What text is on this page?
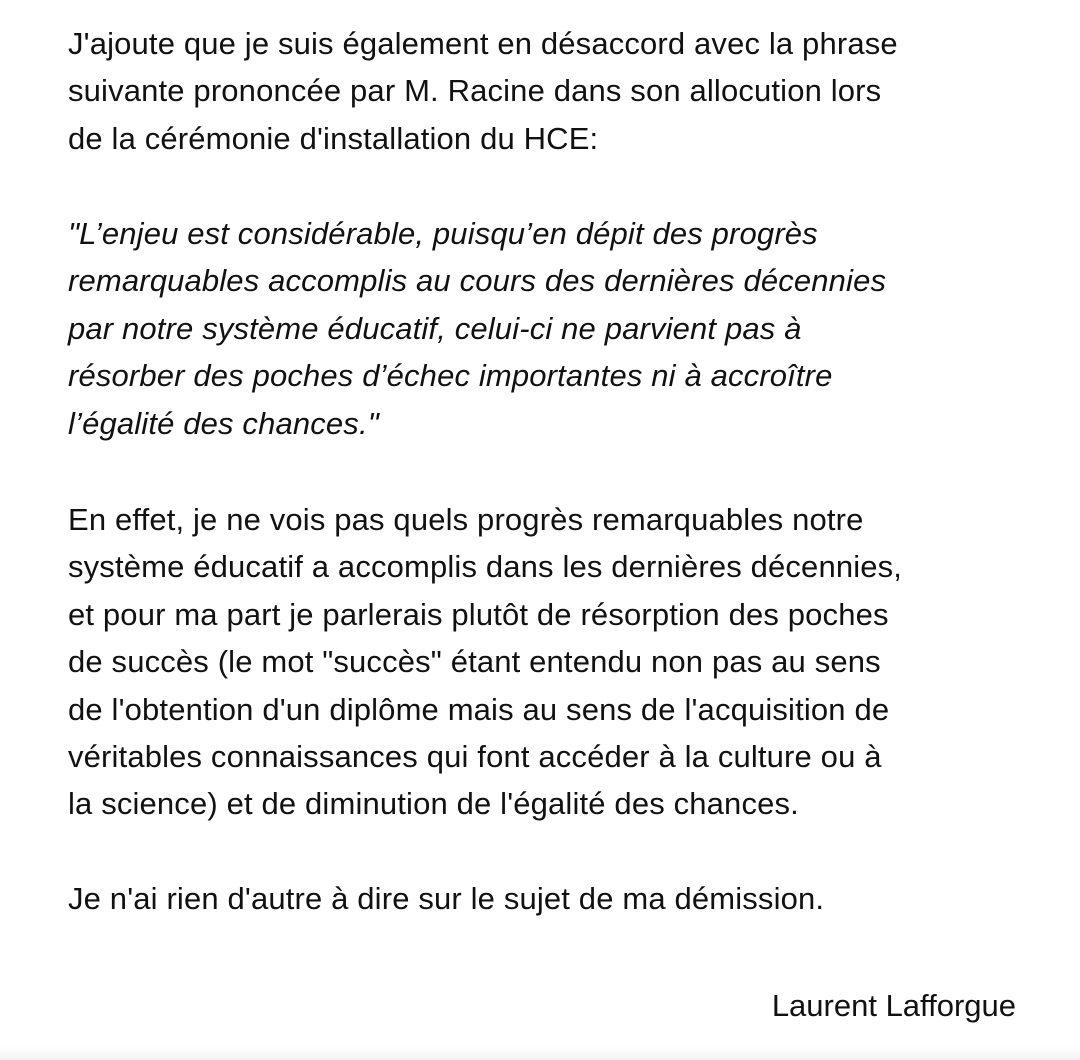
J'ajoute que je suis également en désaccord avec la phrase
suivante prononcée par M. Racine dans son allocution lors
de la cérémonie d'installation du HCE:

"L’enjeu est considérable, puisqu’en dépit des progrès
remarquables accomplis au cours des dernières décennies
par notre système éducatif, celui-ci ne parvient pas à
résorber des poches d’échec importantes ni à accroître
l’égalité des chances."

En effet, je ne vois pas quels progrès remarquables notre
système éducatif a accomplis dans les dernières décennies,
et pour ma part je parlerais plutôt de résorption des poches
de succès (le mot "succès" étant entendu non pas au sens
de l'obtention d'un diplôme mais au sens de l'acquisition de
véritables connaissances qui font accéder à la culture ou à
la science) et de diminution de l'égalité des chances.

Je n'ai rien d'autre à dire sur le sujet de ma démission.

Laurent Lafforgue
